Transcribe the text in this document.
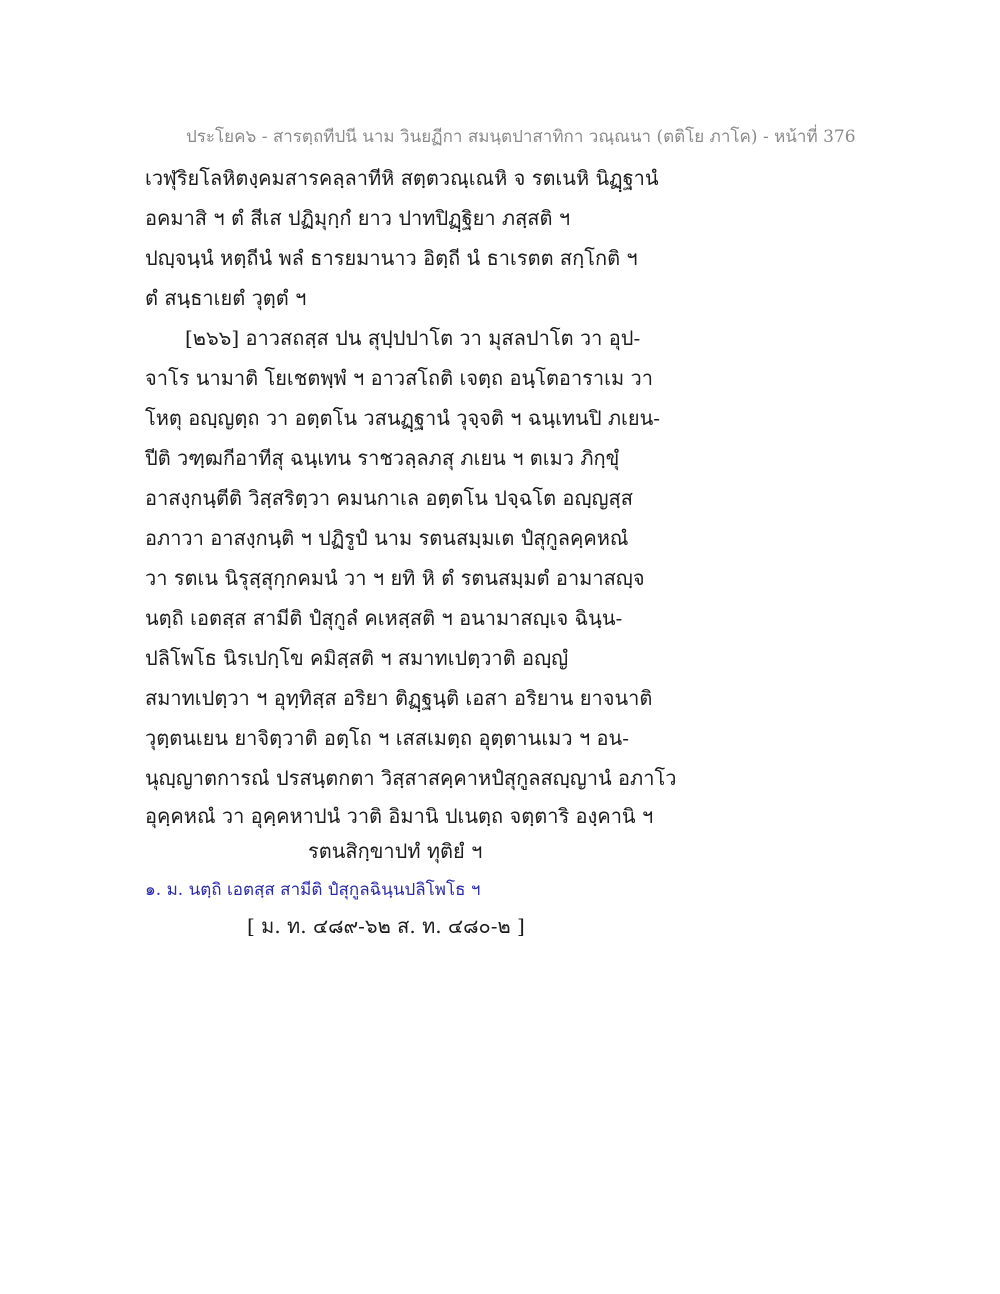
ประโยค๖ - สารตฺถทีปนี นาม วินยฏีกา สมนฺตปาสาทิกา วณฺณนา (ตติโย ภาโค) - หน้าที่ 376
เวฬุริยโลหิตงฺคมสารคลฺลาทีหิ สตฺตวณฺเณหิ จ รตเนหิ นิฏฺฐานํ
อคมาสิ ฯ ตํ สีเส ปฏิมุกฺกํ ยาว ปาทปิฏฺฐิยา ภสฺสติ ฯ
ปญฺจนฺนํ หตฺถีนํ พลํ ธารยมานาว อิตฺถี นํ ธาเรตต สกฺโกติ ฯ
ตํ สนฺธาเยตํ วุตฺตํ ฯ
[๒๖๖] อาวสถสฺส ปน สุปฺปปาโต วา มุสลปาโต วา อุป-
จาโร นามาติ โยเชตพฺพํ ฯ อาวสโถติ เจตฺถ อนฺโตอาราเม วา
โหตุ อญฺญตฺถ วา อตฺตโน วสนฏฺฐานํ วุจฺจติ ฯ ฉนฺเทนปิ ภเยน-
ปีติ วฑฺฒกีอาทีสุ ฉนฺเทน ราชวลฺลภสุ ภเยน ฯ ตเมว ภิกฺขุํ
อาสงฺกนฺตีติ วิสฺสริตฺวา คมนกาเล อตฺตโน ปจฺฉโต อญฺญสฺส
อภาวา อาสงฺกนฺติ ฯ ปฏิรูปํ นาม รตนสมฺมเต ปํสุกูลคฺคหณํ
วา รตเน นิรุสฺสุกฺกคมนํ วา ฯ ยทิ หิ ตํ รตนสมฺมตํ อามาสญฺจ
นตฺถิ เอตสฺส สามีติ ปํสุกูลํ คเหสฺสติ ฯ อนามาสญฺเจ ฉินฺน-
ปลิโพโธ นิรเปกฺโข คมิสฺสติ ฯ สมาทเปตฺวาติ อญฺญํ
สมาทเปตฺวา ฯ อุทฺทิสฺส อริยา ติฏฺฐนฺติ เอสา อริยาน ยาจนาติ
วุตฺตนเยน ยาจิตฺวาติ อตฺโถ ฯ เสสเมตฺถ อุตฺตานเมว ฯ อน-
นุญฺญาตการณํ ปรสนฺตกตา วิสฺสาสคฺคาหปํสุกูลสญฺญานํ อภาโว
อุคฺคหณํ วา อุคฺคหาปนํ วาติ อิมานิ ปเนตฺถ จตฺตาริ องฺคานิ ฯ
รตนสิกฺขาปทํ ทุติยํ ฯ
๑. ม. นตฺถิ เอตสฺส สามีติ ปํสุกูลฉินฺนปลิโพโธ ฯ
[ ม. ท. ๔๘๙-๖๒ ส. ท. ๔๘๐-๒ ]
